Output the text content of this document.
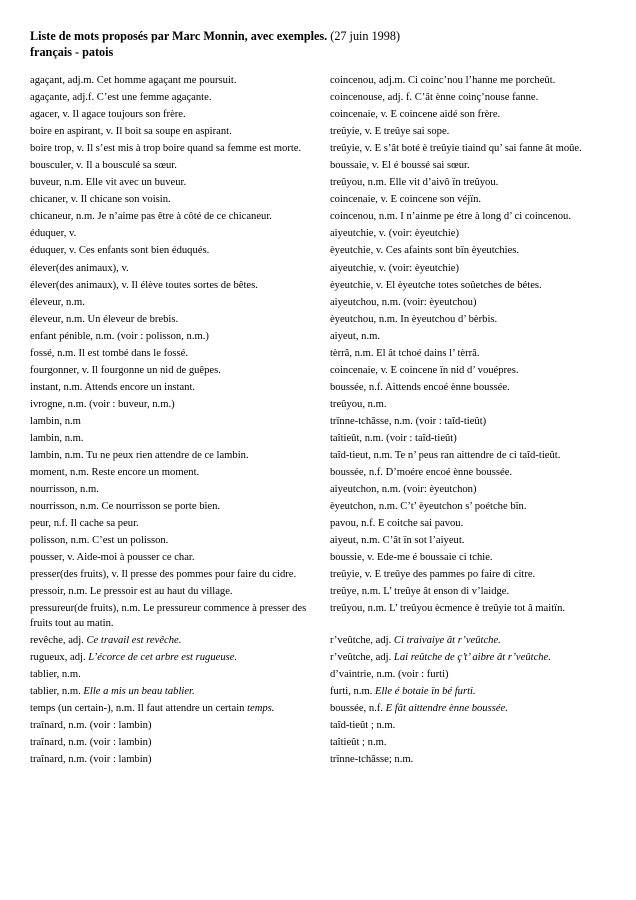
Liste de mots proposés par Marc Monnin, avec exemples. (27 juin 1998)
français - patois

agaçant, adj.m. Cet homme agaçant me poursuit.

agaçante, adj.f. C’est une femme agaçante.

agacer, v. Il agace toujours son frère.

boire en aspirant, v. Il boit sa soupe en aspirant.

boire trop, v. Il s’est mis à trop boire quand sa femme est morte.

bousculer, v. Il a bousculé sa sœur.

buveur, n.m. Elle vit avec un buveur.

chicaner, v. Il chicane son voisin.

chicaneur, n.m. Je n’aime pas être à côté de ce chicaneur.

éduquer, v.

éduquer, v. Ces enfants sont bien éduqués.

élever(des animaux), v.

élever(des animaux), v. Il élève toutes sortes de bêtes.

éleveur, n.m.

éleveur, n.m. Un éleveur de brebis.

enfant pénible, n.m. (voir : polisson, n.m.)

fossé, n.m. Il est tombé dans le fossé.

fourgonner, v. Il fourgonne un nid de guêpes.

instant, n.m. Attends encore un instant.

ivrogne, n.m. (voir : buveur, n.m.)

lambin, n.m

lambin, n.m.

lambin, n.m. Tu ne peux rien attendre de ce lambin.

moment, n.m. Reste encore un moment.

nourrisson, n.m.

nourrisson, n.m. Ce nourrisson se porte bien.

peur, n.f. Il cache sa peur.

polisson, n.m. C’est un polisson.

pousser, v. Aide-moi à pousser ce char.

presser(des fruits), v. Il presse des pommes pour faire du cidre.

pressoir, n.m. Le pressoir est au haut du village.

pressureur(de fruits), n.m. Le pressureur commence à presser des fruits tout au matin.

revêche, adj. Ce travail est revêche.

rugueux, adj. L’écorce de cet arbre est rugueuse.

tablier, n.m.

tablier, n.m. Elle a mis un beau tablier.

temps (un certain-), n.m. Il faut attendre un certain temps.

traînard, n.m. (voir : lambin)

traînard, n.m. (voir : lambin)

traînard, n.m. (voir : lambin)

coincenou, adj.m. Ci coinc’nou l’hanne me porcheût.

coincenouse, adj. f. C’ât ènne coinç’nouse fanne.

coincenaie, v. E coincene aidé son frère.

treûyie, v. E treûye sai sope.

treûyie, v. E s’ât boté è treûyie tiaind qu’ sai fanne ât moûe.

boussaie, v. El é boussé sai sœur.

treûyou, n.m. Elle vit d’aivô ïn treûyou.

coincenaie, v. E coincene son véjïn.

coincenou, n.m. I n’ainme pe étre à long d’ ci coincenou.

aiyeutchie, v. (voir: èyeutchie)

èyeutchie, v. Ces afaints sont bïn èyeutchies.

aiyeutchie, v. (voir: èyeutchie)

èyeutchie, v. El èyeutche totes soûetches de bétes.

aiyeutchou, n.m. (voir: èyeutchou)

èyeutchou, n.m. In èyeutchou d’ bèrbis.

aiyeut, n.m.

tèrrâ, n.m. El ât tchoé dains l’ tèrrâ.

coincenaie, v. E coincene ïn nid d’ vouépres.

boussée, n.f. Aittends encoé ènne boussée.

treûyou, n.m.

trïnne-tchâsse, n.m. (voir : taîd-tieût)

taîtieût, n.m. (voir : taîd-tieût)

taîd-tieut, n.m. Te n’ peus ran aittendre de ci taîd-tieût.

boussée, n.f. D’moére encoé ènne boussée.

aiyeutchon, n.m. (voir: èyeutchon)

èyeutchon, n.m. C’t’ èyeutchon s’ poétche bïn.

pavou, n.f. E coitche sai pavou.

aiyeut, n.m. C’ât ïn sot l’aiyeut.

boussie, v. Ede-me é boussaie ci tchie.

treûyie, v. E treûye des pammes po faire di citre.

treûye, n.m. L’ treûye ât enson di v’laidge.

treûyou, n.m. L’ treûyou ècmence è treûyie tot â maitïn.

r’veûtche, adj. Ci traivaiye ât r’veûtche.

r’veûtche, adj. Lai reûtche de ç’t’ aibre ât r’veûtche.

d’vaintrie, n.m. (voir : furti)

furti, n.m. Elle é botaie ïn bé furti.

boussée, n.f. E fât aittendre ènne boussée.

taîd-tieût ; n.m.

taîtieût ; n.m.

trïnne-tchâsse; n.m.
